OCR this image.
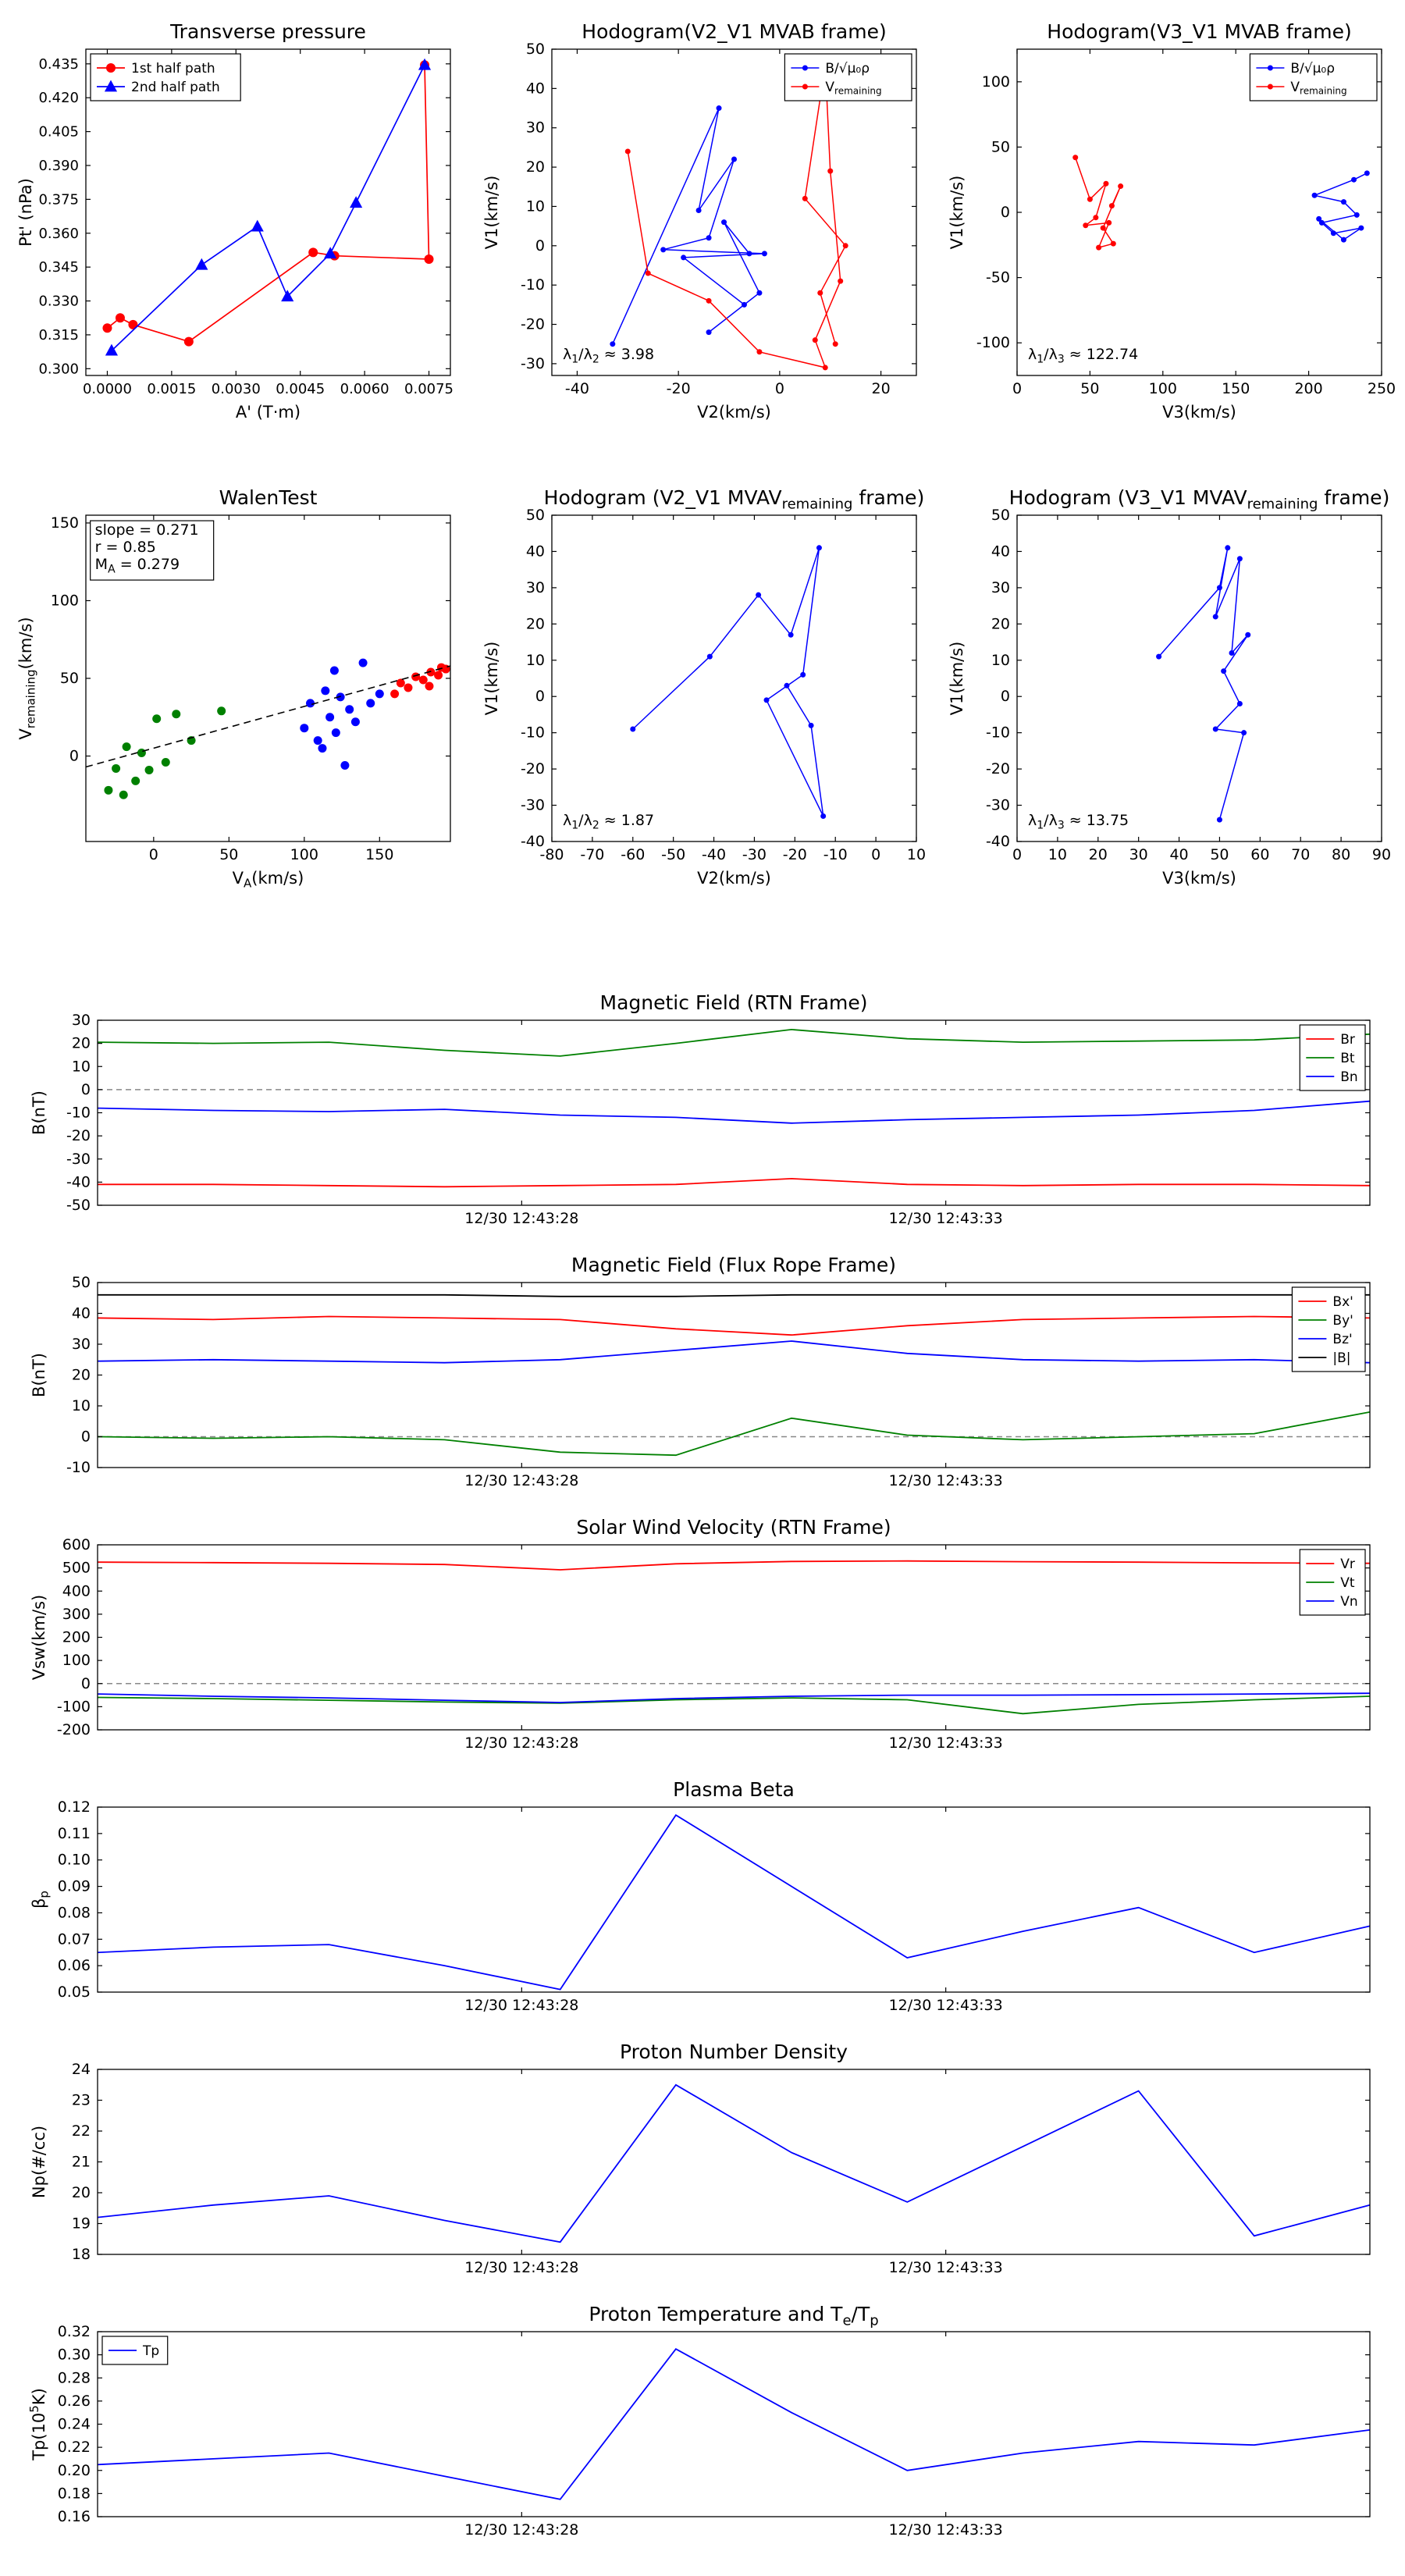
0.0000 0.0015 0.0030 0.0045 0.0060 0.0075
0.300
0.315
0.330
0.345
0.360
0.375
0.390
0.405
0.420
0.435
Transverse pressure
A' (T·m)
Pt' (nPa)
1st half path
2nd half path
-40	-20	0	20
-30
-20
-10
0
10
20
30
40
50
Hodogram(V2_V1 MVAB frame)
V2(km/s)
V1(km/s)
$\lambda_1/\lambda_2 \approx 3.98$
B/√μ₀ρ
$V_{remaining}$
0	50	100	150	200	250
-100
-50
0
50
100
Hodogram(V3_V1 MVAB frame)
V3(km/s)
V1(km/s)
$\lambda_1/\lambda_3 \approx 122.74$
B/√μ₀ρ
$V_{remaining}$
0	50	100	150
0
50
100
150
WalenTest
$V_A(km/s)$
$V_{remaining}(km/s)$
slope = 0.271
r = 0.85
$M_A = 0.279$
-80 -70 -60 -50 -40 -30 -20 -10 0 10
-40
-30
-20
-10
0
10
20
30
40
50
Hodogram (V2_V1 $MVAV_{remaining}$ frame)
V2(km/s)
V1(km/s)
$\lambda_1/\lambda_2 \approx 1.87$
0 10 20 30 40 50 60 70 80 90
-40
-30
-20
-10
0
10
20
30
40
50
Hodogram (V3_V1 $MVAV_{remaining}$ frame)
V3(km/s)
V1(km/s)
$\lambda_1/\lambda_3 \approx 13.75$
12/30 12:43:28	12/30 12:43:33
-50
-40
-30
-20
-10
0
10
20
30
Magnetic Field (RTN Frame)
B(nT)
Br
Bt
Bn
12/30 12:43:28	12/30 12:43:33
-10
0
10
20
30
40
50
Magnetic Field (Flux Rope Frame)
B(nT)
Bx'
By'
Bz'
|B|
12/30 12:43:28	12/30 12:43:33
-200
-100
0
100
200
300
400
500
600
Solar Wind Velocity (RTN Frame)
Vsw(km/s)
Vr
Vt
Vn
12/30 12:43:28	12/30 12:43:33
0.05
0.06
0.07
0.08
0.09
0.10
0.11
0.12
Plasma Beta
$\beta_p$
12/30 12:43:28	12/30 12:43:33
18
19
20
21
22
23
24
Proton Number Density
Np(#/cc)
12/30 12:43:28	12/30 12:43:33
0.16
0.18
0.20
0.22
0.24
0.26
0.28
0.30
0.32
Proton Temperature and $T_e/T_p$
$Tp(10^5K)$
Tp
